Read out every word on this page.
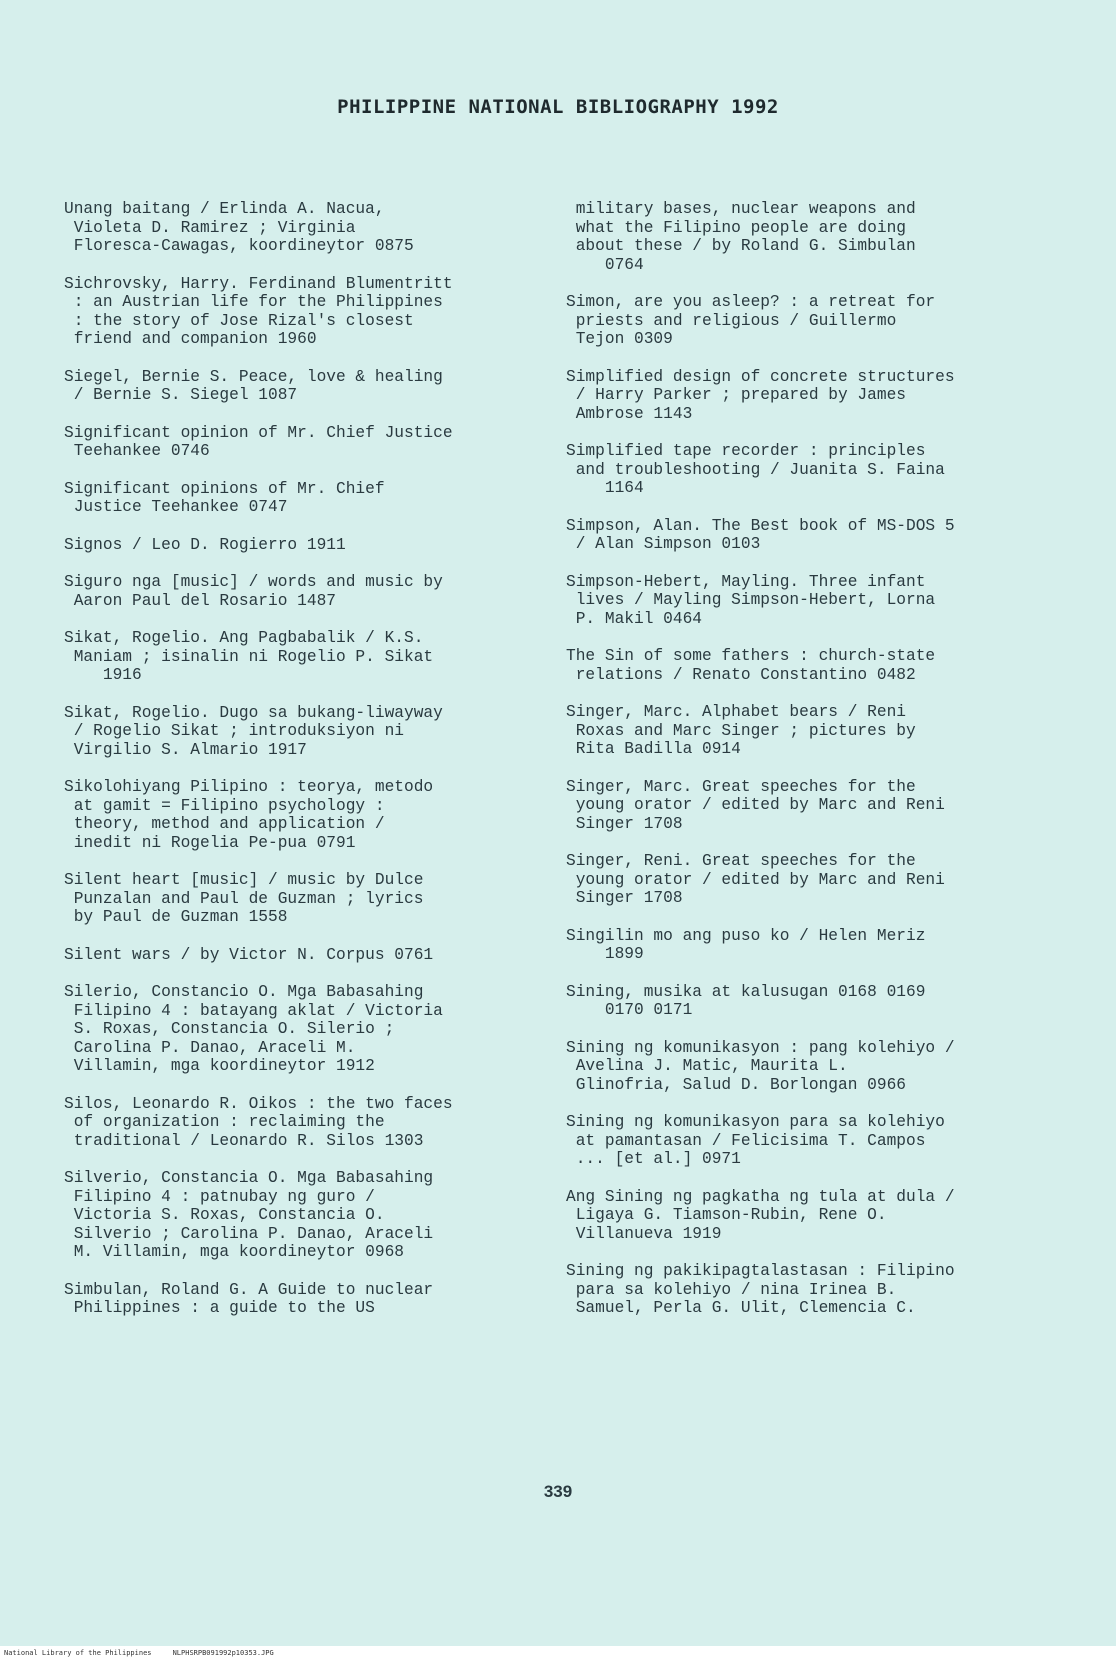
PHILIPPINE NATIONAL BIBLIOGRAPHY 1992
Unang baitang / Erlinda A. Nacua,
Violeta D. Ramirez ; Virginia
Floresca-Cawagas, koordineytor 0875
Sichrovsky, Harry. Ferdinand Blumentritt
: an Austrian life for the Philippines
: the story of Jose Rizal's closest
friend and companion 1960
Siegel, Bernie S. Peace, love & healing
/ Bernie S. Siegel 1087
Significant opinion of Mr. Chief Justice
Teehankee 0746
Significant opinions of Mr. Chief
Justice Teehankee 0747
Signos / Leo D. Rogierro 1911
Siguro nga [music] / words and music by
Aaron Paul del Rosario 1487
Sikat, Rogelio. Ang Pagbabalik / K.S.
Maniam ; isinalin ni Rogelio P. Sikat
1916
Sikat, Rogelio. Dugo sa bukang-liwayway
/ Rogelio Sikat ; introduksiyon ni
Virgilio S. Almario 1917
Sikolohiyang Pilipino : teorya, metodo
at gamit = Filipino psychology :
theory, method and application /
inedit ni Rogelia Pe-pua 0791
Silent heart [music] / music by Dulce
Punzalan and Paul de Guzman ; lyrics
by Paul de Guzman 1558
Silent wars / by Victor N. Corpus 0761
Silerio, Constancio O. Mga Babasahing
Filipino 4 : batayang aklat / Victoria
S. Roxas, Constancia O. Silerio ;
Carolina P. Danao, Araceli M.
Villamin, mga koordineytor 1912
Silos, Leonardo R. Oikos : the two faces
of organization : reclaiming the
traditional / Leonardo R. Silos 1303
Silverio, Constancia O. Mga Babasahing
Filipino 4 : patnubay ng guro /
Victoria S. Roxas, Constancia O.
Silverio ; Carolina P. Danao, Araceli
M. Villamin, mga koordineytor 0968
Simbulan, Roland G. A Guide to nuclear
Philippines : a guide to the US
military bases, nuclear weapons and
what the Filipino people are doing
about these / by Roland G. Simbulan
0764
Simon, are you asleep? : a retreat for
priests and religious / Guillermo
Tejon 0309
Simplified design of concrete structures
/ Harry Parker ; prepared by James
Ambrose 1143
Simplified tape recorder : principles
and troubleshooting / Juanita S. Faina
1164
Simpson, Alan. The Best book of MS-DOS 5
/ Alan Simpson 0103
Simpson-Hebert, Mayling. Three infant
lives / Mayling Simpson-Hebert, Lorna
P. Makil 0464
The Sin of some fathers : church-state
relations / Renato Constantino 0482
Singer, Marc. Alphabet bears / Reni
Roxas and Marc Singer ; pictures by
Rita Badilla 0914
Singer, Marc. Great speeches for the
young orator / edited by Marc and Reni
Singer 1708
Singer, Reni. Great speeches for the
young orator / edited by Marc and Reni
Singer 1708
Singilin mo ang puso ko / Helen Meriz
1899
Sining, musika at kalusugan 0168 0169
0170 0171
Sining ng komunikasyon : pang kolehiyo /
Avelina J. Matic, Maurita L.
Glinofria, Salud D. Borlongan 0966
Sining ng komunikasyon para sa kolehiyo
at pamantasan / Felicisima T. Campos
... [et al.] 0971
Ang Sining ng pagkatha ng tula at dula /
Ligaya G. Tiamson-Rubin, Rene O.
Villanueva 1919
Sining ng pakikipagtalastasan : Filipino
para sa kolehiyo / nina Irinea B.
Samuel, Perla G. Ulit, Clemencia C.
339
National Library of the Philippines	NLPHSRPB091992p10353.JPG
